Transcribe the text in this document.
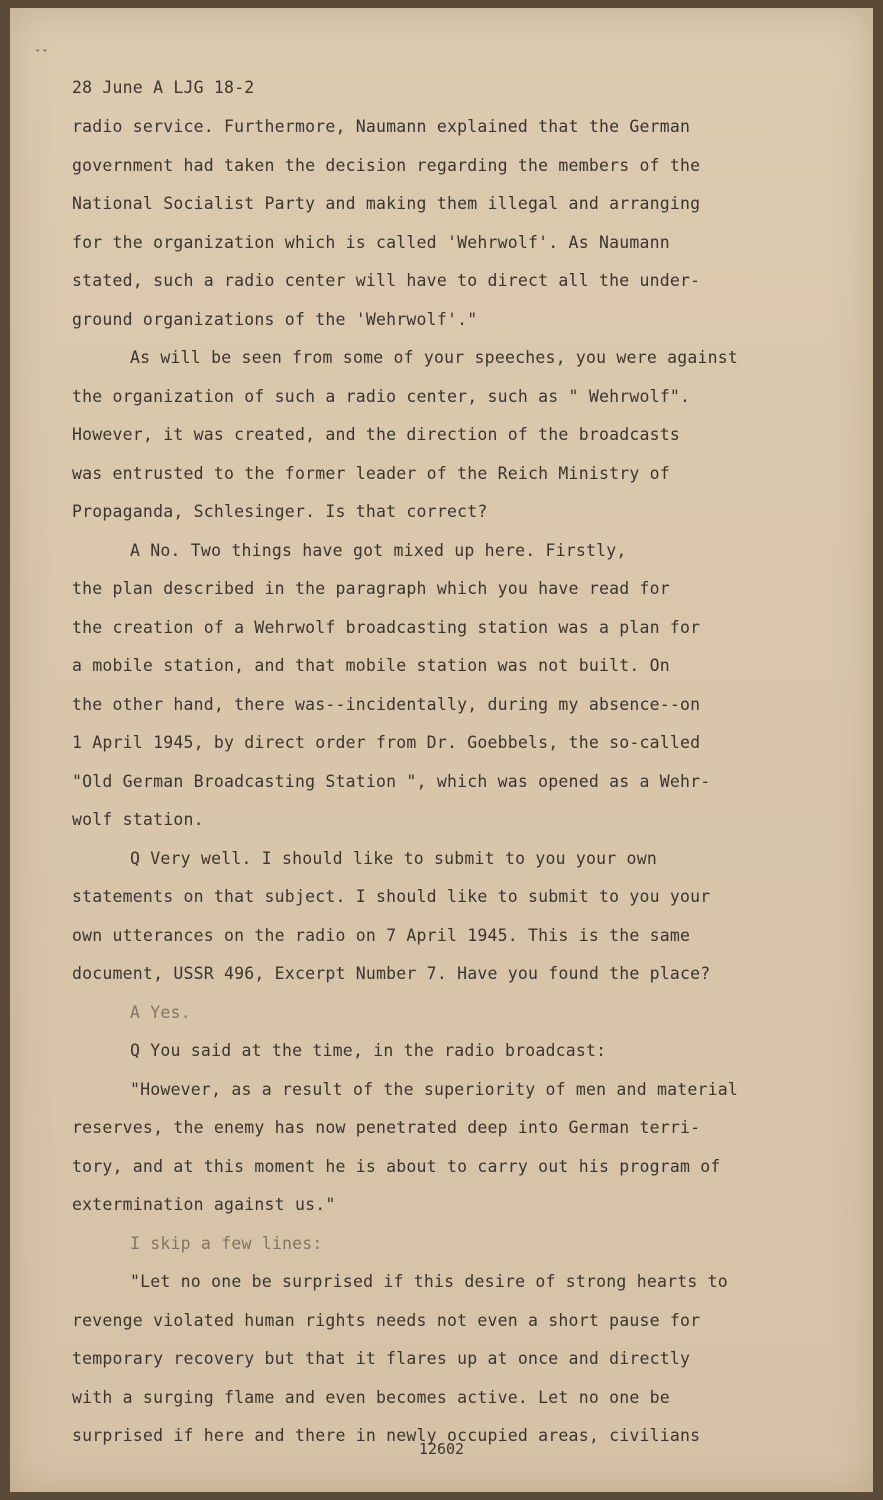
ˇˇ
28 June A LJG 18-2
radio service. Furthermore, Naumann explained that the German
government had taken the decision regarding the members of the
National Socialist Party and making them illegal and arranging
for the organization which is called 'Wehrwolf'. As Naumann
stated, such a radio center will have to direct all the under-
ground organizations of the 'Wehrwolf'."
As will be seen from some of your speeches, you were against
the organization of such a radio center, such as " Wehrwolf".
However, it was created, and the direction of the broadcasts
was entrusted to the former leader of the Reich Ministry of
Propaganda, Schlesinger. Is that correct?
A No. Two things have got mixed up here. Firstly,
the plan described in the paragraph which you have read for
the creation of a Wehrwolf broadcasting station was a plan for
a mobile station, and that mobile station was not built. On
the other hand, there was--incidentally, during my absence--on
1 April 1945, by direct order from Dr. Goebbels, the so-called
"Old German Broadcasting Station ", which was opened as a Wehr-
wolf station.
Q Very well. I should like to submit to you your own
statements on that subject. I should like to submit to you your
own utterances on the radio on 7 April 1945. This is the same
document, USSR 496, Excerpt Number 7. Have you found the place?
A Yes.
Q You said at the time, in the radio broadcast:
"However, as a result of the superiority of men and material
reserves, the enemy has now penetrated deep into German terri-
tory, and at this moment he is about to carry out his program of
extermination against us."
I skip a few lines:
"Let no one be surprised if this desire of strong hearts to
revenge violated human rights needs not even a short pause for
temporary recovery but that it flares up at once and directly
with a surging flame and even becomes active. Let no one be
surprised if here and there in newly occupied areas, civilians
12602
